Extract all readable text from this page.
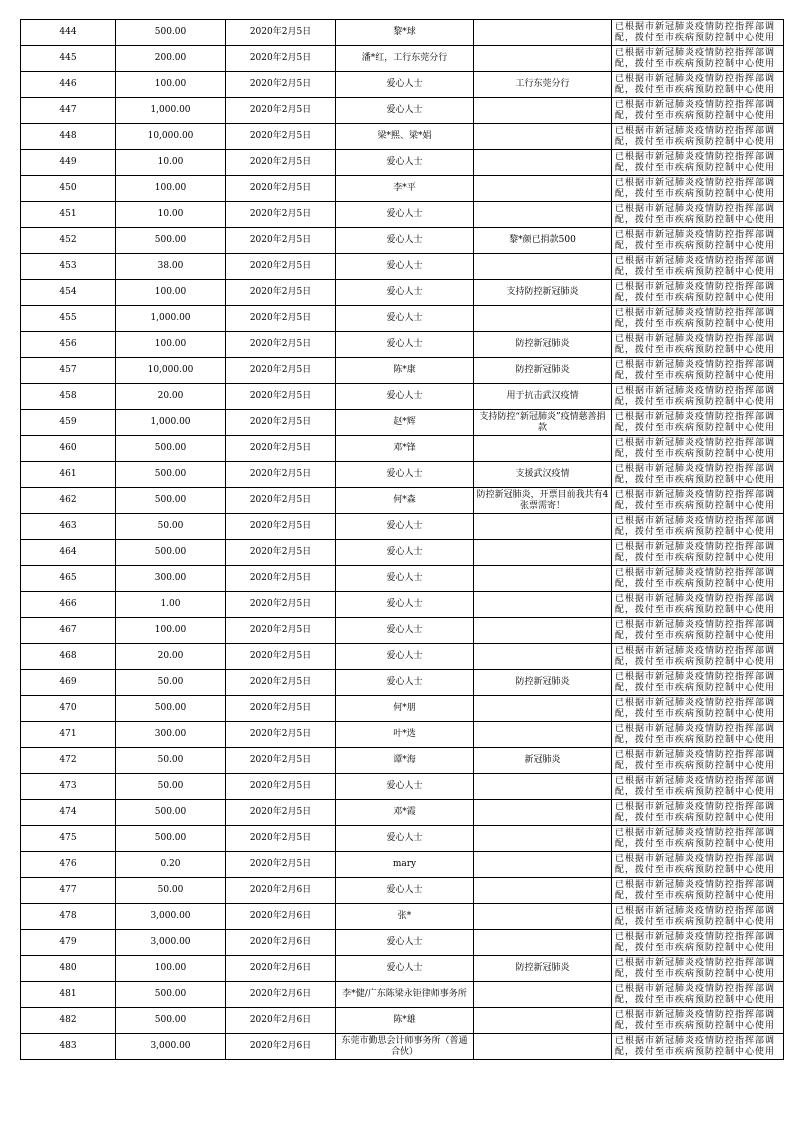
444	500.00	2020年2月5日	黎*球		已根据市新冠肺炎疫情防控指挥部调配，拨付至市疾病预防控制中心使用
445	200.00	2020年2月5日	潘*红，工行东莞分行		已根据市新冠肺炎疫情防控指挥部调配，拨付至市疾病预防控制中心使用
446	100.00	2020年2月5日	爱心人士	工行东莞分行	已根据市新冠肺炎疫情防控指挥部调配，拨付至市疾病预防控制中心使用
447	1,000.00	2020年2月5日	爱心人士		已根据市新冠肺炎疫情防控指挥部调配，拨付至市疾病预防控制中心使用
448	10,000.00	2020年2月5日	梁*熙、梁*娟		已根据市新冠肺炎疫情防控指挥部调配，拨付至市疾病预防控制中心使用
449	10.00	2020年2月5日	爱心人士		已根据市新冠肺炎疫情防控指挥部调配，拨付至市疾病预防控制中心使用
450	100.00	2020年2月5日	李*平		已根据市新冠肺炎疫情防控指挥部调配，拨付至市疾病预防控制中心使用
451	10.00	2020年2月5日	爱心人士		已根据市新冠肺炎疫情防控指挥部调配，拨付至市疾病预防控制中心使用
452	500.00	2020年2月5日	爱心人士	黎*颜已捐款500	已根据市新冠肺炎疫情防控指挥部调配，拨付至市疾病预防控制中心使用
453	38.00	2020年2月5日	爱心人士		已根据市新冠肺炎疫情防控指挥部调配，拨付至市疾病预防控制中心使用
454	100.00	2020年2月5日	爱心人士	支持防控新冠肺炎	已根据市新冠肺炎疫情防控指挥部调配，拨付至市疾病预防控制中心使用
455	1,000.00	2020年2月5日	爱心人士		已根据市新冠肺炎疫情防控指挥部调配，拨付至市疾病预防控制中心使用
456	100.00	2020年2月5日	爱心人士	防控新冠肺炎	已根据市新冠肺炎疫情防控指挥部调配，拨付至市疾病预防控制中心使用
457	10,000.00	2020年2月5日	陈*康	防控新冠肺炎	已根据市新冠肺炎疫情防控指挥部调配，拨付至市疾病预防控制中心使用
458	20.00	2020年2月5日	爱心人士	用于抗击武汉疫情	已根据市新冠肺炎疫情防控指挥部调配，拨付至市疾病预防控制中心使用
459	1,000.00	2020年2月5日	赵*辉	支持防控“新冠肺炎”疫情慈善捐款	已根据市新冠肺炎疫情防控指挥部调配，拨付至市疾病预防控制中心使用
460	500.00	2020年2月5日	邓*锋		已根据市新冠肺炎疫情防控指挥部调配，拨付至市疾病预防控制中心使用
461	500.00	2020年2月5日	爱心人士	支援武汉疫情	已根据市新冠肺炎疫情防控指挥部调配，拨付至市疾病预防控制中心使用
462	500.00	2020年2月5日	何*森	防控新冠肺炎，开票目前我共有4张票需寄！	已根据市新冠肺炎疫情防控指挥部调配，拨付至市疾病预防控制中心使用
463	50.00	2020年2月5日	爱心人士		已根据市新冠肺炎疫情防控指挥部调配，拨付至市疾病预防控制中心使用
464	500.00	2020年2月5日	爱心人士		已根据市新冠肺炎疫情防控指挥部调配，拨付至市疾病预防控制中心使用
465	300.00	2020年2月5日	爱心人士		已根据市新冠肺炎疫情防控指挥部调配，拨付至市疾病预防控制中心使用
466	1.00	2020年2月5日	爱心人士		已根据市新冠肺炎疫情防控指挥部调配，拨付至市疾病预防控制中心使用
467	100.00	2020年2月5日	爱心人士		已根据市新冠肺炎疫情防控指挥部调配，拨付至市疾病预防控制中心使用
468	20.00	2020年2月5日	爱心人士		已根据市新冠肺炎疫情防控指挥部调配，拨付至市疾病预防控制中心使用
469	50.00	2020年2月5日	爱心人士	防控新冠肺炎	已根据市新冠肺炎疫情防控指挥部调配，拨付至市疾病预防控制中心使用
470	500.00	2020年2月5日	何*朋		已根据市新冠肺炎疫情防控指挥部调配，拨付至市疾病预防控制中心使用
471	300.00	2020年2月5日	叶*选		已根据市新冠肺炎疫情防控指挥部调配，拨付至市疾病预防控制中心使用
472	50.00	2020年2月5日	谭*海	新冠肺炎	已根据市新冠肺炎疫情防控指挥部调配，拨付至市疾病预防控制中心使用
473	50.00	2020年2月5日	爱心人士		已根据市新冠肺炎疫情防控指挥部调配，拨付至市疾病预防控制中心使用
474	500.00	2020年2月5日	邓*霞		已根据市新冠肺炎疫情防控指挥部调配，拨付至市疾病预防控制中心使用
475	500.00	2020年2月5日	爱心人士		已根据市新冠肺炎疫情防控指挥部调配，拨付至市疾病预防控制中心使用
476	0.20	2020年2月5日	mary		已根据市新冠肺炎疫情防控指挥部调配，拨付至市疾病预防控制中心使用
477	50.00	2020年2月6日	爱心人士		已根据市新冠肺炎疫情防控指挥部调配，拨付至市疾病预防控制中心使用
478	3,000.00	2020年2月6日	张*		已根据市新冠肺炎疫情防控指挥部调配，拨付至市疾病预防控制中心使用
479	3,000.00	2020年2月6日	爱心人士		已根据市新冠肺炎疫情防控指挥部调配，拨付至市疾病预防控制中心使用
480	100.00	2020年2月6日	爱心人士	防控新冠肺炎	已根据市新冠肺炎疫情防控指挥部调配，拨付至市疾病预防控制中心使用
481	500.00	2020年2月6日	李*健/广东陈梁永钜律师事务所		已根据市新冠肺炎疫情防控指挥部调配，拨付至市疾病预防控制中心使用
482	500.00	2020年2月6日	陈*雄		已根据市新冠肺炎疫情防控指挥部调配，拨付至市疾病预防控制中心使用
483	3,000.00	2020年2月6日	东莞市勤思会计师事务所（普通合伙）		已根据市新冠肺炎疫情防控指挥部调配，拨付至市疾病预防控制中心使用
